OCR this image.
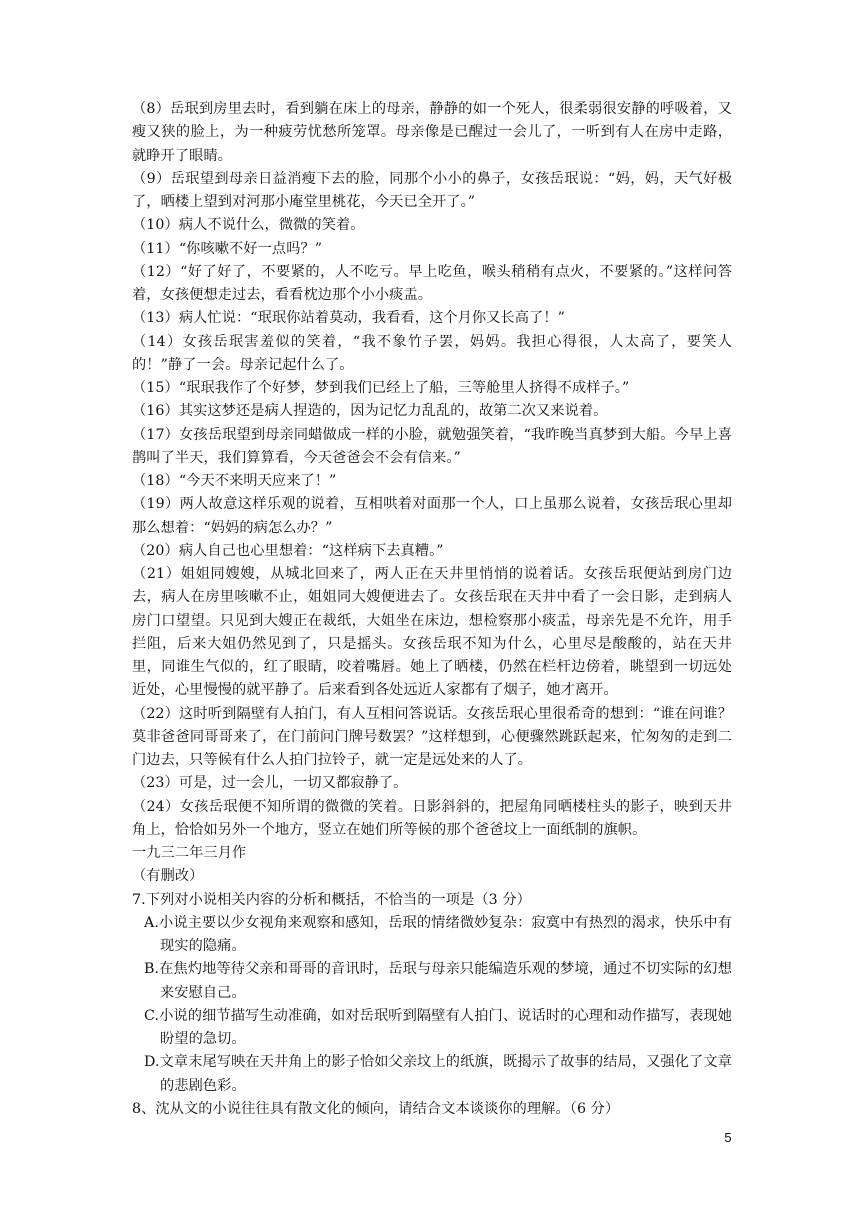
（8）岳珉到房里去时，看到躺在床上的母亲，静静的如一个死人，很柔弱很安静的呼吸着，又瘦又狭的脸上，为一种疲劳忧愁所笼罩。母亲像是已醒过一会儿了，一听到有人在房中走路，就睁开了眼睛。

（9）岳珉望到母亲日益消瘦下去的脸，同那个小小的鼻子，女孩岳珉说：“妈，妈，天气好极了，晒楼上望到对河那小庵堂里桃花，今天已全开了。”

（10）病人不说什么，微微的笑着。

（11）“你咳嗽不好一点吗？”

（12）“好了好了，不要紧的，人不吃亏。早上吃鱼，喉头稍稍有点火，不要紧的。”这样问答着，女孩便想走过去，看看枕边那个小小痰盂。

（13）病人忙说：“珉珉你站着莫动，我看看，这个月你又长高了！”

（14）女孩岳珉害羞似的笑着，“我不象竹子罢，妈妈。我担心得很，人太高了，要笑人的！”静了一会。母亲记起什么了。

（15）“珉珉我作了个好梦，梦到我们已经上了船，三等舱里人挤得不成样子。”

（16）其实这梦还是病人捏造的，因为记忆力乱乱的，故第二次又来说着。

（17）女孩岳珉望到母亲同蜡做成一样的小脸，就勉强笑着，“我昨晚当真梦到大船。今早上喜鹊叫了半天，我们算算看，今天爸爸会不会有信来。”

（18）“今天不来明天应来了！”

（19）两人故意这样乐观的说着，互相哄着对面那一个人，口上虽那么说着，女孩岳珉心里却那么想着：“妈妈的病怎么办？”

（20）病人自己也心里想着：“这样病下去真糟。”

（21）姐姐同嫂嫂，从城北回来了，两人正在天井里悄悄的说着话。女孩岳珉便站到房门边去，病人在房里咳嗽不止，姐姐同大嫂便进去了。女孩岳珉在天井中看了一会日影，走到病人房门口望望。只见到大嫂正在裁纸，大姐坐在床边，想检察那小痰盂，母亲先是不允许，用手拦阻，后来大姐仍然见到了，只是摇头。女孩岳珉不知为什么，心里尽是酸酸的，站在天井里，同谁生气似的，红了眼睛，咬着嘴唇。她上了晒楼，仍然在栏杆边傍着，眺望到一切远处近处，心里慢慢的就平静了。后来看到各处远近人家都有了烟子，她才离开。

（22）这时听到隔壁有人拍门，有人互相问答说话。女孩岳珉心里很希奇的想到：“谁在问谁？莫非爸爸同哥哥来了，在门前问门牌号数罢？”这样想到，心便骤然跳跃起来，忙匆匆的走到二门边去，只等候有什么人拍门拉铃子，就一定是远处来的人了。

（23）可是，过一会儿，一切又都寂静了。

（24）女孩岳珉便不知所谓的微微的笑着。日影斜斜的，把屋角同晒楼柱头的影子，映到天井角上，恰恰如另外一个地方，竖立在她们所等候的那个爸爸坟上一面纸制的旗帜。

一九三二年三月作

（有删改）

7.下列对小说相关内容的分析和概括，不恰当的一项是（3 分）

A.小说主要以少女视角来观察和感知，岳珉的情绪微妙复杂：寂寞中有热烈的渴求，快乐中有现实的隐痛。

B.在焦灼地等待父亲和哥哥的音讯时，岳珉与母亲只能编造乐观的梦境，通过不切实际的幻想来安慰自己。

C.小说的细节描写生动准确，如对岳珉听到隔壁有人拍门、说话时的心理和动作描写，表现她盼望的急切。

D.文章末尾写映在天井角上的影子恰如父亲坟上的纸旗，既揭示了故事的结局，又强化了文章的悲剧色彩。

8、沈从文的小说往往具有散文化的倾向，请结合文本谈谈你的理解。（6 分）

5
